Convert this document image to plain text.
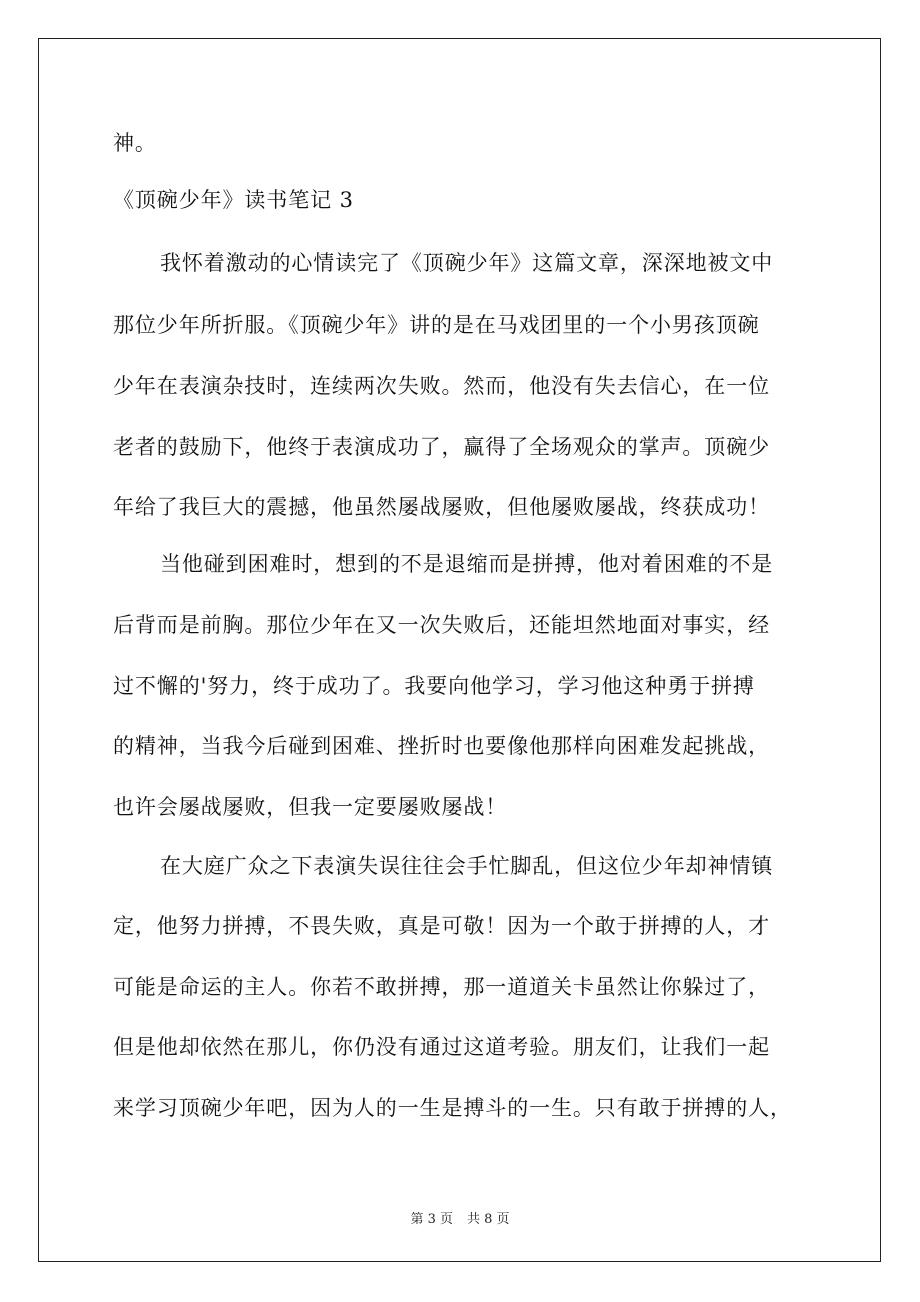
神。
《顶碗少年》读书笔记 3
我怀着激动的心情读完了《顶碗少年》这篇文章，深深地被文中
那位少年所折服。《顶碗少年》讲的是在马戏团里的一个小男孩顶碗
少年在表演杂技时，连续两次失败。然而，他没有失去信心，在一位
老者的鼓励下，他终于表演成功了，赢得了全场观众的掌声。顶碗少
年给了我巨大的震撼，他虽然屡战屡败，但他屡败屡战，终获成功！
当他碰到困难时，想到的不是退缩而是拼搏，他对着困难的不是
后背而是前胸。那位少年在又一次失败后，还能坦然地面对事实，经
过不懈的'努力，终于成功了。我要向他学习，学习他这种勇于拼搏
的精神，当我今后碰到困难、挫折时也要像他那样向困难发起挑战，
也许会屡战屡败，但我一定要屡败屡战！
在大庭广众之下表演失误往往会手忙脚乱，但这位少年却神情镇
定，他努力拼搏，不畏失败，真是可敬！因为一个敢于拼搏的人，才
可能是命运的主人。你若不敢拼搏，那一道道关卡虽然让你躲过了，
但是他却依然在那儿，你仍没有通过这道考验。朋友们，让我们一起
来学习顶碗少年吧，因为人的一生是搏斗的一生。只有敢于拼搏的人，
第 3 页 共 8 页
